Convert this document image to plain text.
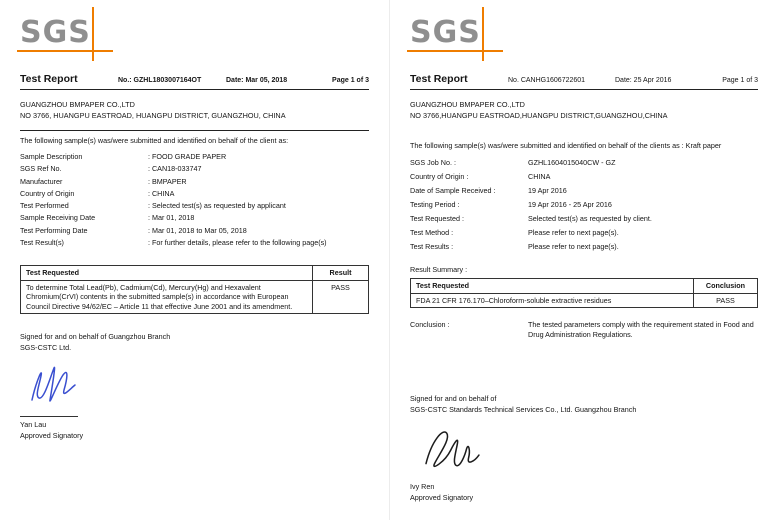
SGS
Test Report	No.: GZHL1803007164OT	Date: Mar 05, 2018	Page 1 of 3
GUANGZHOU BMPAPER CO.,LTD
NO 3766, HUANGPU EASTROAD, HUANGPU DISTRICT, GUANGZHOU, CHINA
The following sample(s) was/were submitted and identified on behalf of the client as:
Sample Description	: FOOD GRADE PAPER
SGS Ref No.	: CAN18-033747
Manufacturer	: BMPAPER
Country of Origin	: CHINA
Test Performed	: Selected test(s) as requested by applicant
Sample Receiving Date	: Mar 01, 2018
Test Performing Date	: Mar 01, 2018 to Mar 05, 2018
Test Result(s)	: For further details, please refer to the following page(s)
Test Requested	Result
To determine Total Lead(Pb), Cadmium(Cd), Mercury(Hg) and Hexavalent Chromium(CrVI) contents in the submitted sample(s) in accordance with European Council Directive 94/62/EC – Article 11 that effective June 2001 and its amendment.
PASS
Signed for and on behalf of Guangzhou Branch
SGS-CSTC Ltd.
Yan Lau
Approved Signatory
SGS
Test Report	No. CANHG1606722601	Date: 25 Apr 2016	Page 1 of 3
GUANGZHOU BMPAPER CO.,LTD
NO 3766,HUANGPU EASTROAD,HUANGPU DISTRICT,GUANGZHOU,CHINA
The following sample(s) was/were submitted and identified on behalf of the clients as : Kraft paper
SGS Job No. :	GZHL1604015040CW - GZ
Country of Origin :	CHINA
Date of Sample Received :	19 Apr 2016
Testing Period :	19 Apr 2016 - 25 Apr 2016
Test Requested :	Selected test(s) as requested by client.
Test Method :	Please refer to next page(s).
Test Results :	Please refer to next page(s).
Result Summary :
Test Requested	Conclusion
FDA 21 CFR 176.170–Chloroform-soluble extractive residues	PASS
Conclusion :	The tested parameters comply with the requirement stated in Food and Drug Administration Regulations.
Signed for and on behalf of
SGS-CSTC Standards Technical Services Co., Ltd. Guangzhou Branch
Ivy Ren
Approved Signatory
